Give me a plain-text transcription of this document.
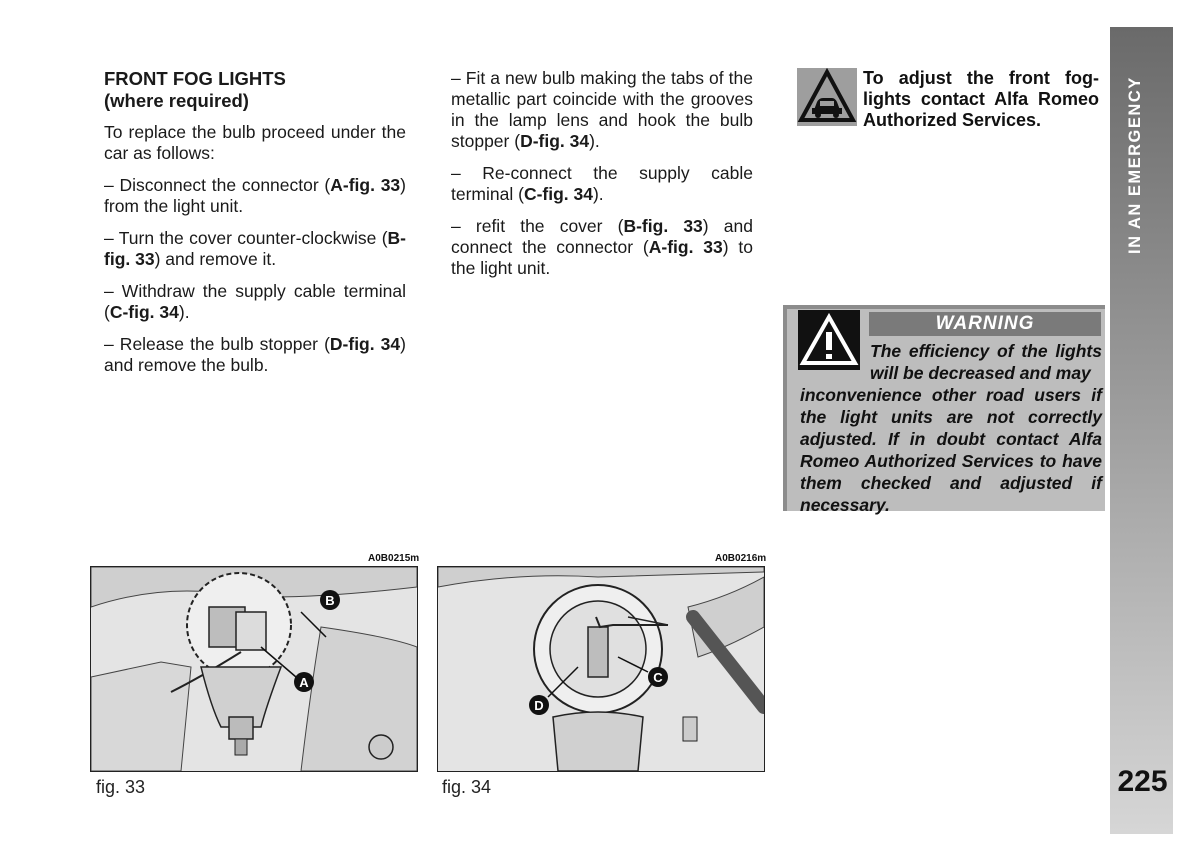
IN AN EMERGENCY
225
FRONT FOG LIGHTS
(where required)

To replace the bulb proceed under the car as follows:

– Disconnect the connector (A-fig. 33) from the light unit.

– Turn the cover counter-clockwise (B-fig. 33) and remove it.

– Withdraw the supply cable terminal (C-fig. 34).

– Release the bulb stopper (D-fig. 34) and remove the bulb.

– Fit a new bulb making the tabs of the metallic part coincide with the grooves in the lamp lens and hook the bulb stopper (D-fig. 34).

– Re-connect the supply cable terminal (C-fig. 34).

– refit the cover (B-fig. 33) and connect the connector (A-fig. 33) to the light unit.

To adjust the front fog-lights contact Alfa Romeo Authorized Services.
WARNING
The efficiency of the lights will be decreased and may
inconvenience other road users if the light units are not correctly adjusted. If in doubt contact Alfa Romeo Authorized Services to have them checked and adjusted if necessary.
A0B0215m
B
A
fig. 33
A0B0216m
C
D
fig. 34
